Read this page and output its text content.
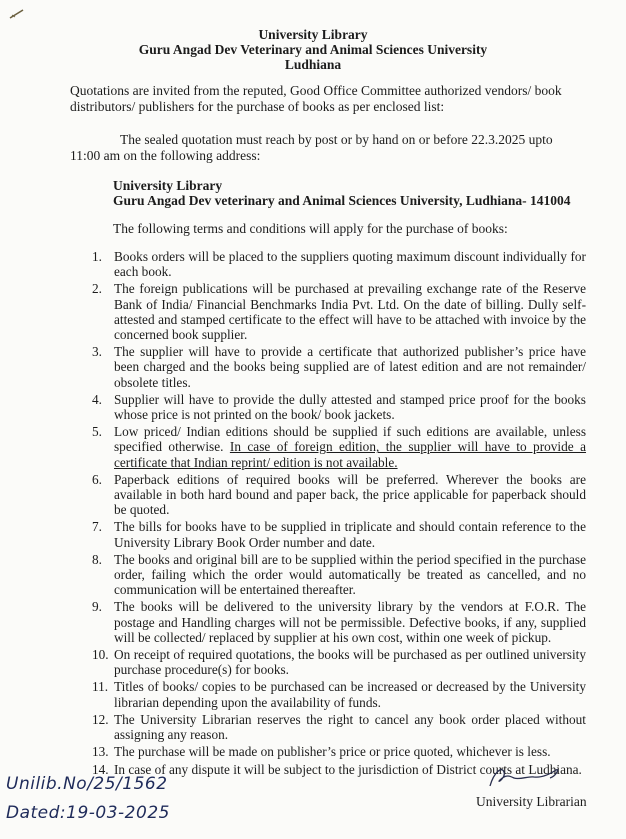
University Library
Guru Angad Dev Veterinary and Animal Sciences University
Ludhiana

Quotations are invited from the reputed, Good Office Committee authorized vendors/ book

distributors/ publishers for the purchase of books as per enclosed list:

The sealed quotation must reach by post or by hand on or before 22.3.2025 upto

11:00 am on the following address:

University Library
Guru Angad Dev veterinary and Animal Sciences University, Ludhiana- 141004

The following terms and conditions will apply for the purchase of books:

1. Books orders will be placed to the suppliers quoting maximum discount individually for each book.
2. The foreign publications will be purchased at prevailing exchange rate of the Reserve Bank of India/ Financial Benchmarks India Pvt. Ltd. On the date of billing. Dully self-attested and stamped certificate to the effect will have to be attached with invoice by the concerned book supplier.
3. The supplier will have to provide a certificate that authorized publisher’s price have been charged and the books being supplied are of latest edition and are not remainder/ obsolete titles.
4. Supplier will have to provide the dully attested and stamped price proof for the books whose price is not printed on the book/ book jackets.
5. Low priced/ Indian editions should be supplied if such editions are available, unless specified otherwise. In case of foreign edition, the supplier will have to provide a certificate that Indian reprint/ edition is not available.
6. Paperback editions of required books will be preferred. Wherever the books are available in both hard bound and paper back, the price applicable for paperback should be quoted.
7. The bills for books have to be supplied in triplicate and should contain reference to the University Library Book Order number and date.
8. The books and original bill are to be supplied within the period specified in the purchase order, failing which the order would automatically be treated as cancelled, and no communication will be entertained thereafter.
9. The books will be delivered to the university library by the vendors at F.O.R. The postage and Handling charges will not be permissible. Defective books, if any, supplied will be collected/ replaced by supplier at his own cost, within one week of pickup.
10. On receipt of required quotations, the books will be purchased as per outlined university purchase procedure(s) for books.
11. Titles of books/ copies to be purchased can be increased or decreased by the University librarian depending upon the availability of funds.
12. The University Librarian reserves the right to cancel any book order placed without assigning any reason.
13. The purchase will be made on publisher’s price or price quoted, whichever is less.
14. In case of any dispute it will be subject to the jurisdiction of District courts at Ludhiana.
Unilib.No/25/1562
Dated:19-03-2025
University Librarian
